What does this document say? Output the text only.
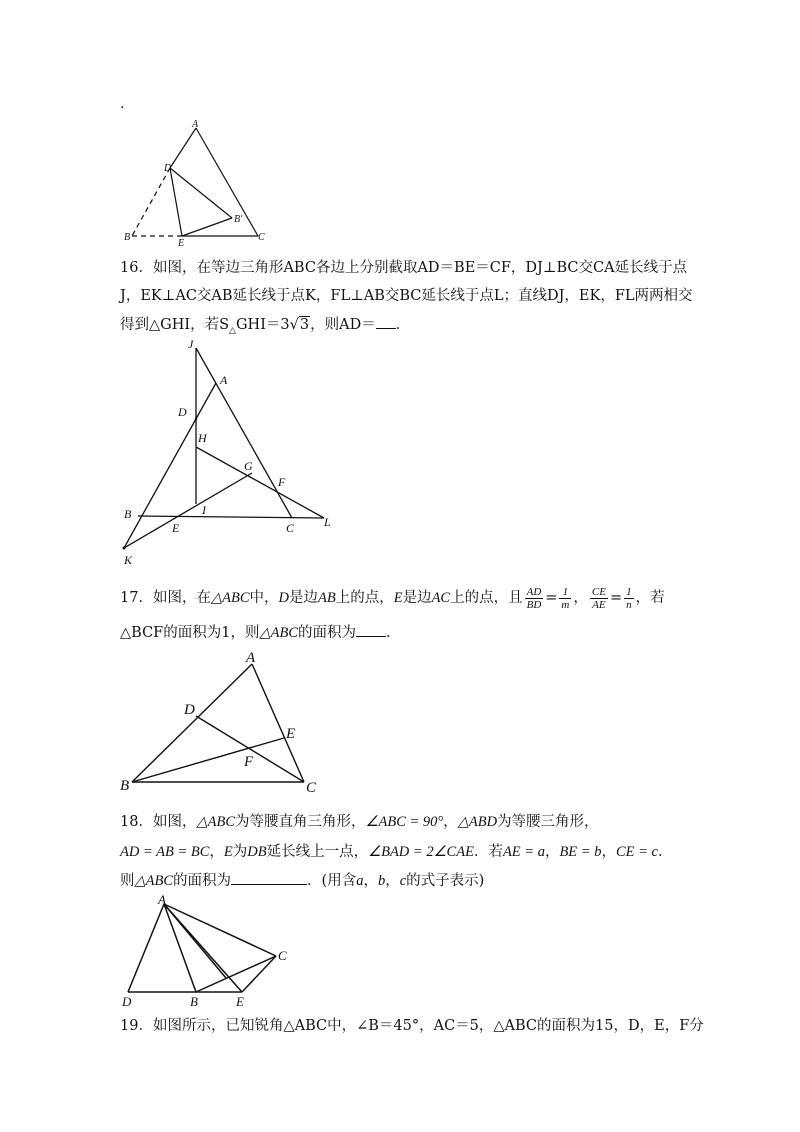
.
A
D
B'
B
E
C
16．如图，在等边三角形ABC各边上分别截取AD＝BE＝CF，DJ⊥BC交CA延长线于点
J，EK⊥AC交AB延长线于点K，FL⊥AB交BC延长线于点L；直线DJ，EK，FL两两相交
得到△GHI，若$S_\triangle GHI=3√3$，则AD＝ ．
J
A
D
H
G
F
B
E
I
C L
K
17．如图，在△ABC中，D是边AB上的点，E是边AC上的点，且 $\frac{AD}{BD} = \frac{1}{m}$ ， $\frac{CE}{AE} = \frac{1}{n}$ ，若
△BCF的面积为1，则△ABC的面积为 ．
A
D
E
F
B	C
18．如图，△ABC为等腰直角三角形，∠ABC = 90°，△ABD为等腰三角形，
AD = AB = BC，E为DB延长线上一点，∠BAD = 2∠CAE．若AE = a，BE = b，CE = c．
则△ABC的面积为	．(用含a，b，c的式子表示)
A
C
D	B	E
19．如图所示，已知锐角△ABC中，∠B＝45°，AC＝5，△ABC的面积为15，D，E，F分
